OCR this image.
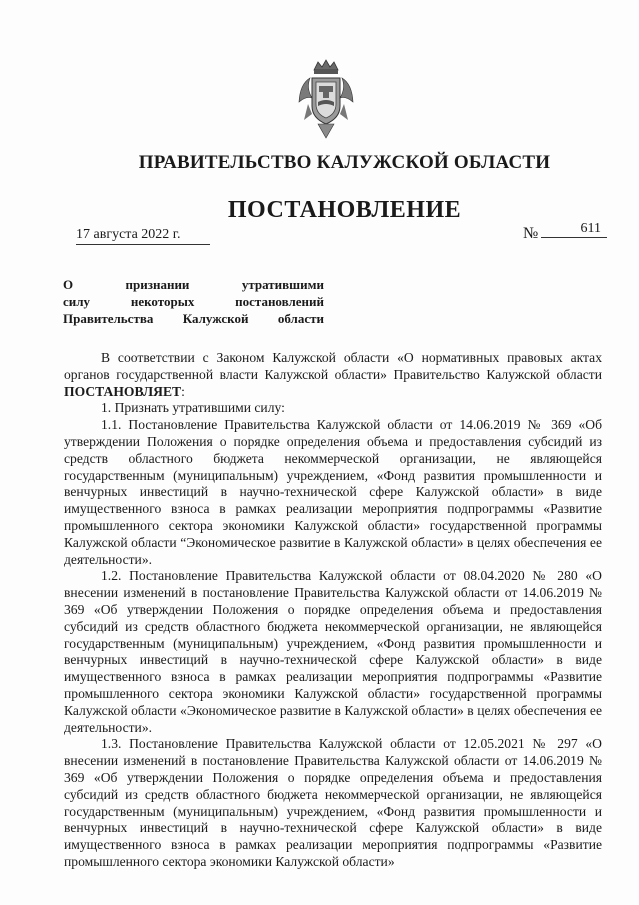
ПРАВИТЕЛЬСТВО КАЛУЖСКОЙ ОБЛАСТИ
ПОСТАНОВЛЕНИЕ
17 августа 2022 г.	№	611
О	признании	утратившими
силу	некоторых	постановлений
Правительства Калужской области

В соответствии с Законом Калужской области «О нормативных правовых актах органов государственной власти Калужской области» Правительство Калужской области ПОСТАНОВЛЯЕТ:

1. Признать утратившими силу:

1.1. Постановление Правительства Калужской области от 14.06.2019 № 369 «Об утверждении Положения о порядке определения объема и предоставления субсидий из средств областного бюджета некоммерческой организации, не являющейся государственным (муниципальным) учреждением, «Фонд развития промышленности и венчурных инвестиций в научно-технической сфере Калужской области» в виде имущественного взноса в рамках реализации мероприятия подпрограммы «Развитие промышленного сектора экономики Калужской области» государственной программы Калужской области “Экономическое развитие в Калужской области» в целях обеспечения ее деятельности».

1.2. Постановление Правительства Калужской области от 08.04.2020 № 280 «О внесении изменений в постановление Правительства Калужской области от 14.06.2019 № 369 «Об утверждении Положения о порядке определения объема и предоставления субсидий из средств областного бюджета некоммерческой организации, не являющейся государственным (муниципальным) учреждением, «Фонд развития промышленности и венчурных инвестиций в научно-технической сфере Калужской области» в виде имущественного взноса в рамках реализации мероприятия подпрограммы «Развитие промышленного сектора экономики Калужской области» государственной программы Калужской области «Экономическое развитие в Калужской области» в целях обеспечения ее деятельности».

1.3. Постановление Правительства Калужской области от 12.05.2021 № 297 «О внесении изменений в постановление Правительства Калужской области от 14.06.2019 № 369 «Об утверждении Положения о порядке определения объема и предоставления субсидий из средств областного бюджета некоммерческой организации, не являющейся государственным (муниципальным) учреждением, «Фонд развития промышленности и венчурных инвестиций в научно-технической сфере Калужской области» в виде имущественного взноса в рамках реализации мероприятия подпрограммы «Развитие промышленного сектора экономики Калужской области»
